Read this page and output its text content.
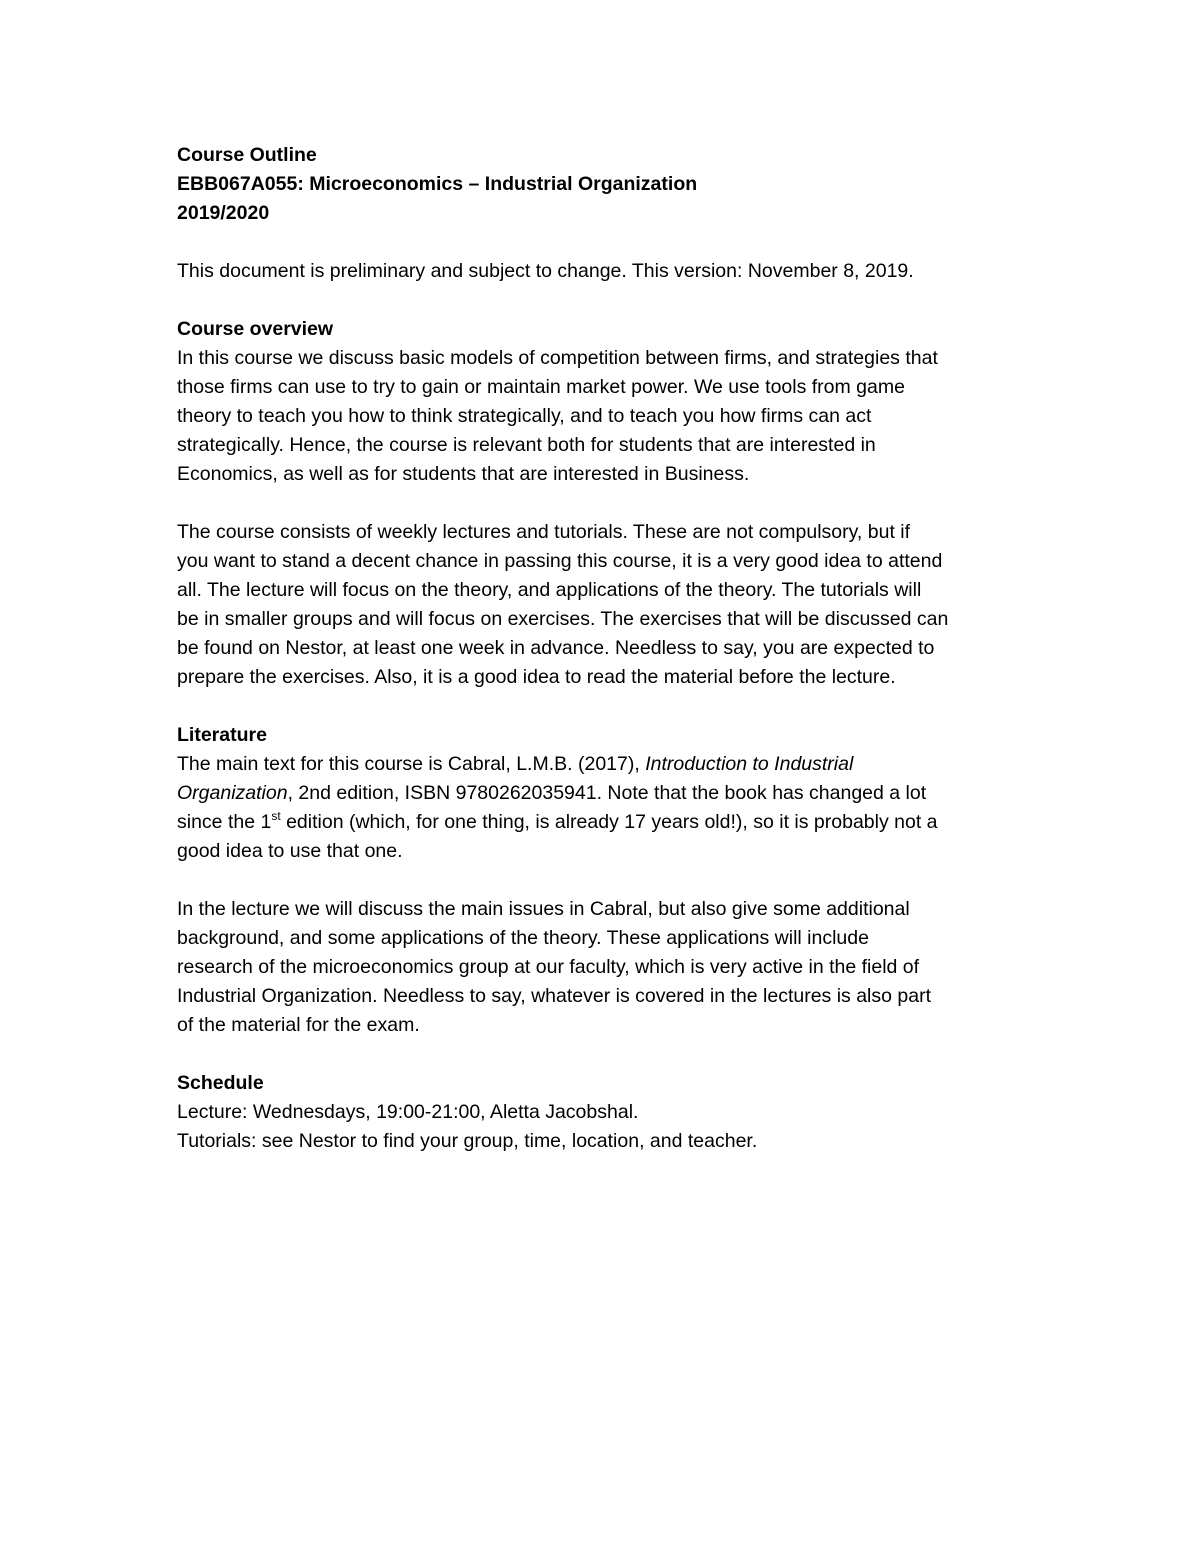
Course Outline
EBB067A055: Microeconomics – Industrial Organization
2019/2020
This document is preliminary and subject to change. This version: November 8, 2019.
Course overview
In this course we discuss basic models of competition between firms, and strategies that
those firms can use to try to gain or maintain market power. We use tools from game
theory to teach you how to think strategically, and to teach you how firms can act
strategically. Hence, the course is relevant both for students that are interested in
Economics, as well as for students that are interested in Business.
The course consists of weekly lectures and tutorials. These are not compulsory, but if
you want to stand a decent chance in passing this course, it is a very good idea to attend
all. The lecture will focus on the theory, and applications of the theory. The tutorials will
be in smaller groups and will focus on exercises. The exercises that will be discussed can
be found on Nestor, at least one week in advance. Needless to say, you are expected to
prepare the exercises. Also, it is a good idea to read the material before the lecture.
Literature
The main text for this course is Cabral, L.M.B. (2017), Introduction to Industrial
Organization, 2nd edition, ISBN 9780262035941. Note that the book has changed a lot
since the 1st edition (which, for one thing, is already 17 years old!), so it is probably not a
good idea to use that one.
In the lecture we will discuss the main issues in Cabral, but also give some additional
background, and some applications of the theory. These applications will include
research of the microeconomics group at our faculty, which is very active in the field of
Industrial Organization. Needless to say, whatever is covered in the lectures is also part
of the material for the exam.
Schedule
Lecture: Wednesdays, 19:00-21:00, Aletta Jacobshal.
Tutorials: see Nestor to find your group, time, location, and teacher.
